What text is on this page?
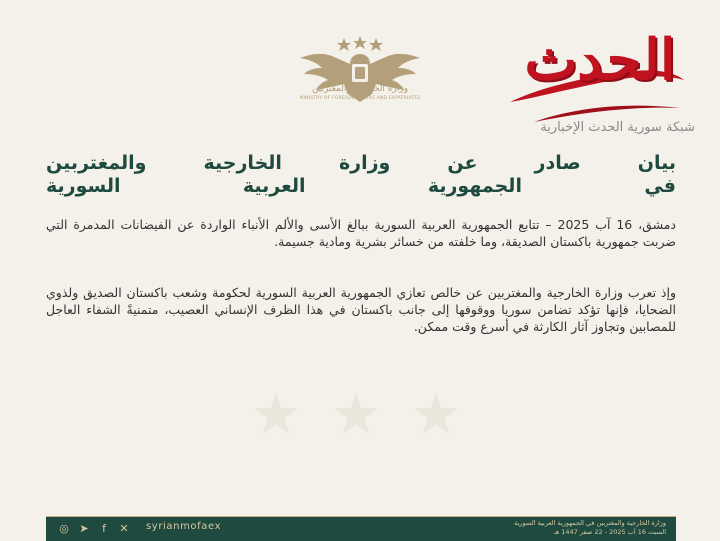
★ ★ ★
وزارة الخارجية والمغتربين
MINISTRY OF FOREIGN AFFAIRS AND EXPATRIATES
الحدث
شبكة سورية الحدث الإخبارية
بيان صادر عن وزارة الخارجية والمغتربين
في الجمهورية العربية السورية
دمشق، 16 آب 2025 – تتابع الجمهورية العربية السورية ببالغ الأسى والألم الأنباء الواردة عن الفيضانات المدمرة التي ضربت جمهورية باكستان الصديقة، وما خلفته من خسائر بشرية ومادية جسيمة.
وإذ تعرب وزارة الخارجية والمغتربين عن خالص تعازي الجمهورية العربية السورية لحكومة وشعب باكستان الصديق ولذوي الضحايا، فإنها تؤكد تضامن سوريا ووقوفها إلى جانب باكستان في هذا الظرف الإنساني العصيب، متمنيةً الشفاء العاجل للمصابين وتجاوز آثار الكارثة في أسرع وقت ممكن.
◎ ➤	f	✕ syrianmofaex	وزارة الخارجية والمغتربين في الجمهورية العربية السورية
السبت 16 آب 2025 - 22 صفر 1447 هـ
